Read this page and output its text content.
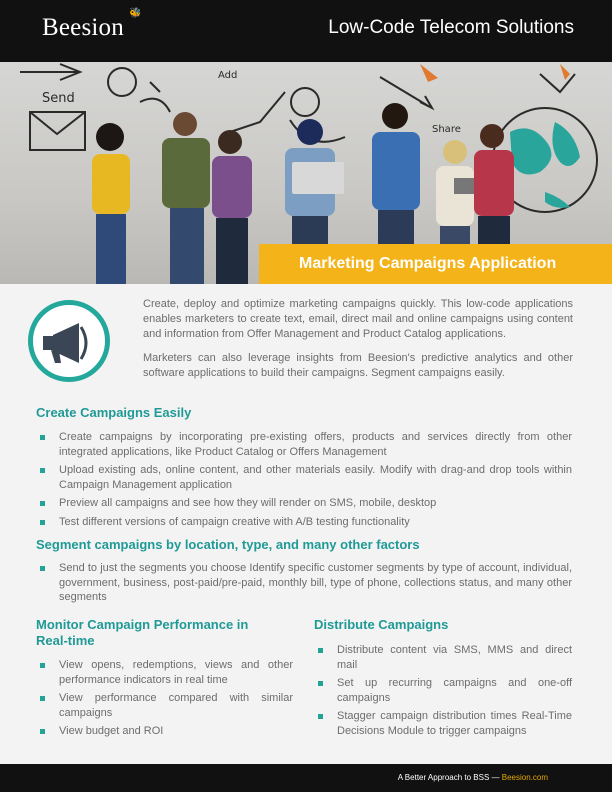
Beesion
🐝
Low-Code Telecom Solutions
Send
Add
Share
Marketing Campaigns Application

Create, deploy and optimize marketing campaigns quickly. This low-code applications enables marketers to create text, email, direct mail and online campaigns using content and information from Offer Management and Product Catalog applications.

Marketers can also leverage insights from Beesion's predictive analytics and other software applications to build their campaigns. Segment campaigns easily.

Create Campaigns Easily
Create campaigns by incorporating pre-existing offers, products and services directly from other integrated applications, like Product Catalog or Offers Management
Upload existing ads, online content, and other materials easily. Modify with drag-and drop tools within Campaign Management application
Preview all campaigns and see how they will render on SMS, mobile, desktop
Test different versions of campaign creative with A/B testing functionality
Segment campaigns by location, type, and many other factors
Send to just the segments you choose Identify specific customer segments by type of account, individual, government, business, post-paid/pre-paid, monthly bill, type of phone, collections status, and many other segments
Monitor Campaign Performance in Real-time
View opens, redemptions, views and other performance indicators in real time
View performance compared with similar campaigns
View budget and ROI
Distribute Campaigns
Distribute content via SMS, MMS and direct mail
Set up recurring campaigns and one-off campaigns
Stagger campaign distribution times Real-Time Decisions Module to trigger campaigns
A Better Approach to BSS — Beesion.com
